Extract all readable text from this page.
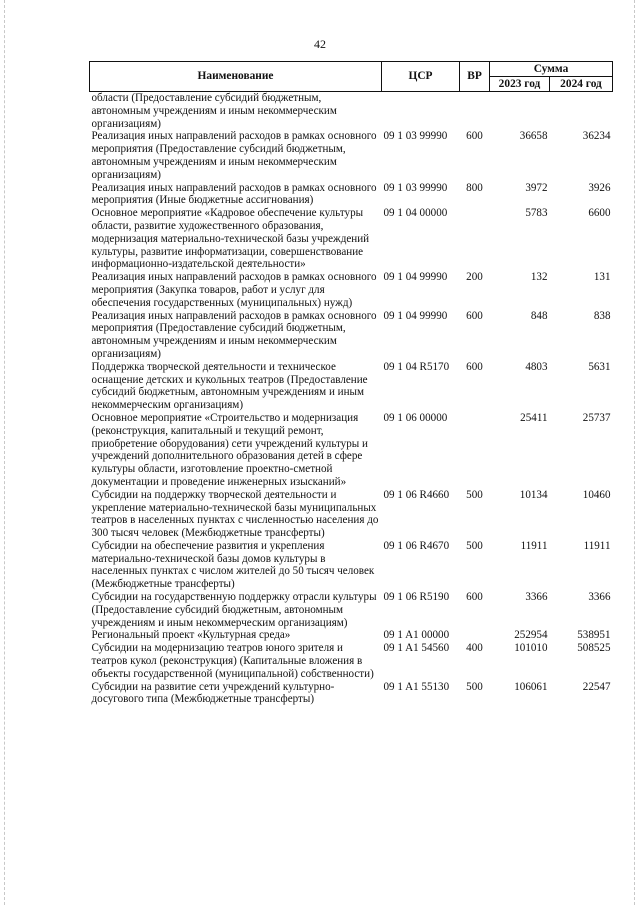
42
Наименование	ЦСР	ВР	Сумма	
			2023 год	2024 год
области (Предоставление субсидий бюджетным, автономным учреждениям и иным некоммерческим организациям)				
Реализация иных направлений расходов в рамках основного мероприятия (Предоставление субсидий бюджетным, автономным учреждениям и иным некоммерческим организациям)	09 1 03 99990	600	36658	36234
Реализация иных направлений расходов в рамках основного мероприятия (Иные бюджетные ассигнования)	09 1 03 99990	800	3972	3926
Основное мероприятие «Кадровое обеспечение культуры области, развитие художественного образования, модернизация материально-технической базы учреждений культуры, развитие информатизации, совершенствование информационно-издательской деятельности»	09 1 04 00000		5783	6600
Реализация иных направлений расходов в рамках основного мероприятия (Закупка товаров, работ и услуг для обеспечения государственных (муниципальных) нужд)	09 1 04 99990	200	132	131
Реализация иных направлений расходов в рамках основного мероприятия (Предоставление субсидий бюджетным, автономным учреждениям и иным некоммерческим организациям)	09 1 04 99990	600	848	838
Поддержка творческой деятельности и техническое оснащение детских и кукольных театров (Предоставление субсидий бюджетным, автономным учреждениям и иным некоммерческим организациям)	09 1 04 R5170	600	4803	5631
Основное мероприятие «Строительство и модернизация (реконструкция, капитальный и текущий ремонт, приобретение оборудования) сети учреждений культуры и учреждений дополнительного образования детей в сфере культуры области, изготовление проектно-сметной документации и проведение инженерных изысканий»	09 1 06 00000		25411	25737
Субсидии на поддержку творческой деятельности и укрепление материально-технической базы муниципальных театров в населенных пунктах с численностью населения до 300 тысяч человек (Межбюджетные трансферты)	09 1 06 R4660	500	10134	10460
Субсидии на обеспечение развития и укрепления материально-технической базы домов культуры в населенных пунктах с числом жителей до 50 тысяч человек (Межбюджетные трансферты)	09 1 06 R4670	500	11911	11911
Субсидии на государственную поддержку отрасли культуры (Предоставление субсидий бюджетным, автономным учреждениям и иным некоммерческим организациям)	09 1 06 R5190	600	3366	3366
Региональный проект «Культурная среда»	09 1 A1 00000		252954	538951
Субсидии на модернизацию театров юного зрителя и театров кукол (реконструкция) (Капитальные вложения в объекты государственной (муниципальной) собственности)	09 1 A1 54560	400	101010	508525
Субсидии на развитие сети учреждений культурно-досугового типа (Межбюджетные трансферты)	09 1 A1 55130	500	106061	22547
